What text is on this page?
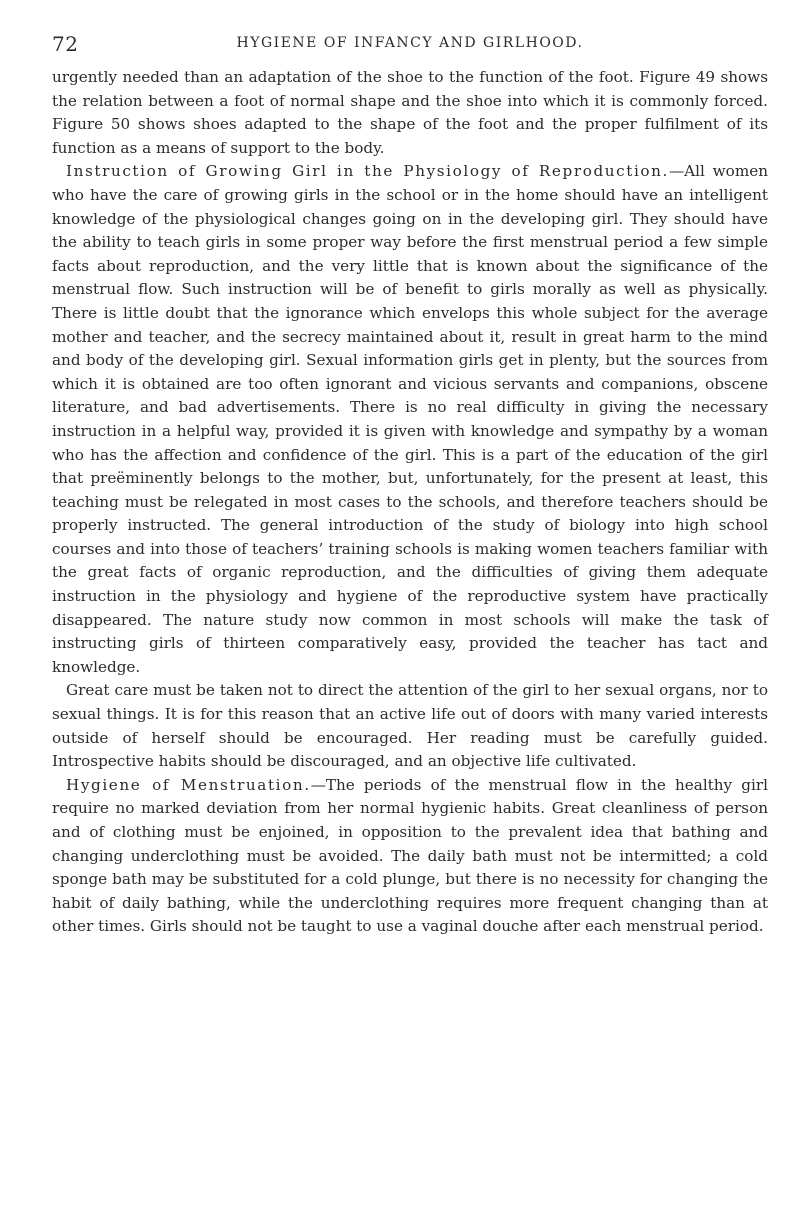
72	HYGIENE OF INFANCY AND GIRLHOOD.

urgently needed than an adaptation of the shoe to the function of the foot. Figure 49 shows the relation between a foot of normal shape and the shoe into which it is commonly forced. Figure 50 shows shoes adapted to the shape of the foot and the proper fulfilment of its function as a means of support to the body.

Instruction of Growing Girl in the Physiology of Reproduction.—All women who have the care of growing girls in the school or in the home should have an intelligent knowledge of the physiological changes going on in the developing girl. They should have the ability to teach girls in some proper way before the first menstrual period a few simple facts about reproduction, and the very little that is known about the significance of the menstrual flow. Such instruction will be of benefit to girls morally as well as physically. There is little doubt that the ignorance which envelops this whole subject for the average mother and teacher, and the secrecy maintained about it, result in great harm to the mind and body of the developing girl. Sexual information girls get in plenty, but the sources from which it is obtained are too often ignorant and vicious servants and companions, obscene literature, and bad advertisements. There is no real difficulty in giving the necessary instruction in a helpful way, provided it is given with knowledge and sympathy by a woman who has the affection and confidence of the girl. This is a part of the education of the girl that preëminently belongs to the mother, but, unfortunately, for the present at least, this teaching must be relegated in most cases to the schools, and therefore teachers should be properly instructed. The general introduction of the study of biology into high school courses and into those of teachers’ training schools is making women teachers familiar with the great facts of organic reproduction, and the difficulties of giving them adequate instruction in the physiology and hygiene of the reproductive system have practically disappeared. The nature study now common in most schools will make the task of instructing girls of thirteen comparatively easy, provided the teacher has tact and knowledge.

Great care must be taken not to direct the attention of the girl to her sexual organs, nor to sexual things. It is for this reason that an active life out of doors with many varied interests outside of herself should be encouraged. Her reading must be carefully guided. Introspective habits should be discouraged, and an objective life cultivated.

Hygiene of Menstruation.—The periods of the menstrual flow in the healthy girl require no marked deviation from her normal hygienic habits. Great cleanliness of person and of clothing must be enjoined, in opposition to the prevalent idea that bathing and changing underclothing must be avoided. The daily bath must not be intermitted; a cold sponge bath may be substituted for a cold plunge, but there is no necessity for changing the habit of daily bathing, while the underclothing requires more frequent changing than at other times. Girls should not be taught to use a vaginal douche after each menstrual period.
